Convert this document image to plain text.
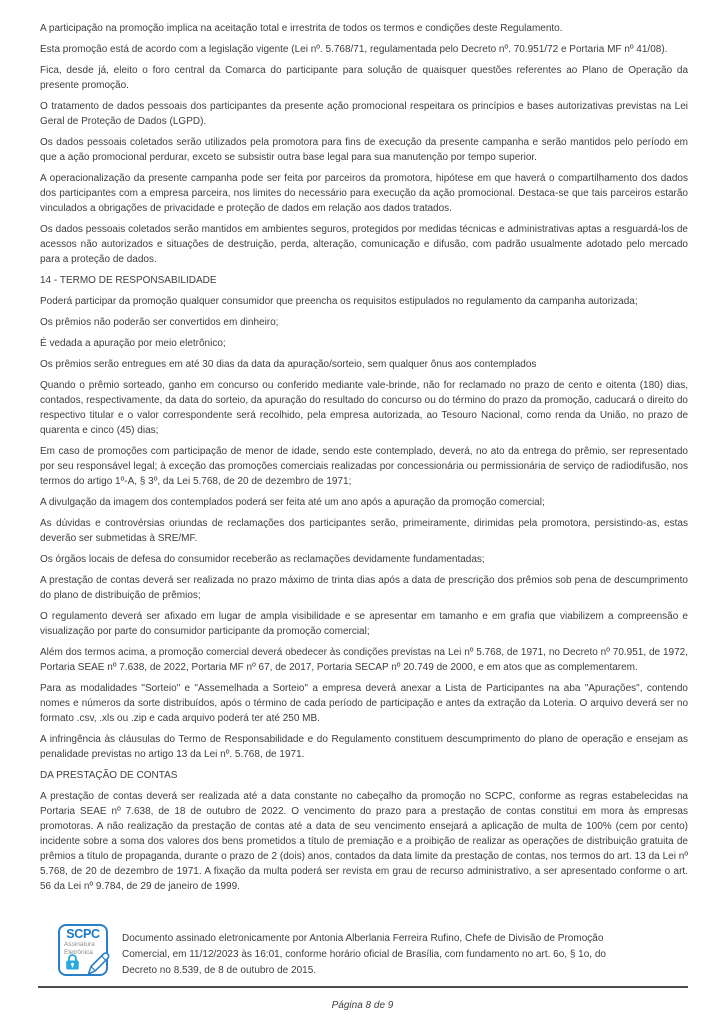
A participação na promoção implica na aceitação total e irrestrita de todos os termos e condições deste Regulamento.

Esta promoção está de acordo com a legislação vigente (Lei nº. 5.768/71, regulamentada pelo Decreto nº. 70.951/72 e Portaria MF nº 41/08).

Fica, desde já, eleito o foro central da Comarca do participante para solução de quaisquer questões referentes ao Plano de Operação da presente promoção.

O tratamento de dados pessoais dos participantes da presente ação promocional respeitara os princípios e bases autorizativas previstas na Lei Geral de Proteção de Dados (LGPD).

Os dados pessoais coletados serão utilizados pela promotora para fins de execução da presente campanha e serão mantidos pelo período em que a ação promocional perdurar, exceto se subsistir outra base legal para sua manutenção por tempo superior.

A operacionalização da presente campanha pode ser feita por parceiros da promotora, hipótese em que haverá o compartilhamento dos dados dos participantes com a empresa parceira, nos limites do necessário para execução da ação promocional. Destaca-se que tais parceiros estarão vinculados a obrigações de privacidade e proteção de dados em relação aos dados tratados.

Os dados pessoais coletados serão mantidos em ambientes seguros, protegidos por medidas técnicas e administrativas aptas a resguardá-los de acessos não autorizados e situações de destruição, perda, alteração, comunicação e difusão, com padrão usualmente adotado pelo mercado para a proteção de dados.

14 - TERMO DE RESPONSABILIDADE

Poderá participar da promoção qualquer consumidor que preencha os requisitos estipulados no regulamento da campanha autorizada;

Os prêmios não poderão ser convertidos em dinheiro;

É vedada a apuração por meio eletrônico;

Os prêmios serão entregues em até 30 dias da data da apuração/sorteio, sem qualquer ônus aos contemplados

Quando o prêmio sorteado, ganho em concurso ou conferido mediante vale-brinde, não for reclamado no prazo de cento e oitenta (180) dias, contados, respectivamente, da data do sorteio, da apuração do resultado do concurso ou do término do prazo da promoção, caducará o direito do respectivo titular e o valor correspondente será recolhido, pela empresa autorizada, ao Tesouro Nacional, como renda da União, no prazo de quarenta e cinco (45) dias;

Em caso de promoções com participação de menor de idade, sendo este contemplado, deverá, no ato da entrega do prêmio, ser representado por seu responsável legal; à exceção das promoções comerciais realizadas por concessionária ou permissionária de serviço de radiodifusão, nos termos do artigo 1º-A, § 3º, da Lei 5.768, de 20 de dezembro de 1971;

A divulgação da imagem dos contemplados poderá ser feita até um ano após a apuração da promoção comercial;

As dúvidas e controvérsias oriundas de reclamações dos participantes serão, primeiramente, dirimidas pela promotora, persistindo-as, estas deverão ser submetidas à SRE/MF.

Os órgãos locais de defesa do consumidor receberão as reclamações devidamente fundamentadas;

A prestação de contas deverá ser realizada no prazo máximo de trinta dias após a data de prescrição dos prêmios sob pena de descumprimento do plano de distribuição de prêmios;

O regulamento deverá ser afixado em lugar de ampla visibilidade e se apresentar em tamanho e em grafia que viabilizem a compreensão e visualização por parte do consumidor participante da promoção comercial;

Além dos termos acima, a promoção comercial deverá obedecer às condições previstas na Lei nº 5.768, de 1971, no Decreto nº 70.951, de 1972, Portaria SEAE nº 7.638, de 2022, Portaria MF nº 67, de 2017, Portaria SECAP nº 20.749 de 2000, e em atos que as complementarem.

Para as modalidades "Sorteio" e "Assemelhada a Sorteio" a empresa deverá anexar a Lista de Participantes na aba "Apurações", contendo nomes e números da sorte distribuídos, após o término de cada período de participação e antes da extração da Loteria. O arquivo deverá ser no formato .csv, .xls ou .zip e cada arquivo poderá ter até 250 MB.

A infringência às cláusulas do Termo de Responsabilidade e do Regulamento constituem descumprimento do plano de operação e ensejam as penalidade previstas no artigo 13 da Lei nº. 5.768, de 1971.

DA PRESTAÇÃO DE CONTAS

A prestação de contas deverá ser realizada até a data constante no cabeçalho da promoção no SCPC, conforme as regras estabelecidas na Portaria SEAE nº 7.638, de 18 de outubro de 2022. O vencimento do prazo para a prestação de contas constitui em mora às empresas promotoras. A não realização da prestação de contas até a data de seu vencimento ensejará a aplicação de multa de 100% (cem por cento) incidente sobre a soma dos valores dos bens prometidos a título de premiação e a proibição de realizar as operações de distribuição gratuita de prêmios a título de propaganda, durante o prazo de 2 (dois) anos, contados da data limite da prestação de contas, nos termos do art. 13 da Lei nº 5.768, de 20 de dezembro de 1971. A fixação da multa poderá ser revista em grau de recurso administrativo, a ser apresentado conforme o art. 56 da Lei nº 9.784, de 29 de janeiro de 1999.

SCPC
Assinatura
Eletrônica
Documento assinado eletronicamente por Antonia Alberlania Ferreira Rufino, Chefe de Divisão de Promoção Comercial, em 11/12/2023 às 16:01, conforme horário oficial de Brasília, com fundamento no art. 6o, § 1o, do Decreto no 8.539, de 8 de outubro de 2015.
Página 8 de 9
